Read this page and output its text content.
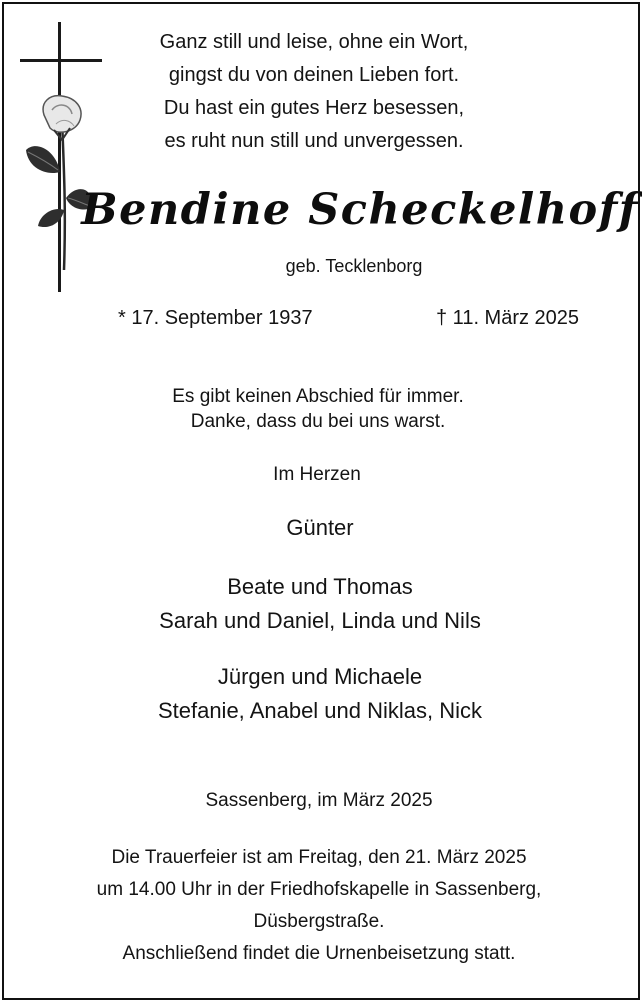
Ganz still und leise, ohne ein Wort,
gingst du von deinen Lieben fort.
Du hast ein gutes Herz besessen,
es ruht nun still und unvergessen.
Bendine Scheckelhoff
geb. Tecklenborg
* 17. September 1937	† 11. März 2025
Es gibt keinen Abschied für immer.
Danke, dass du bei uns warst.
Im Herzen
Günter
Beate und Thomas
Sarah und Daniel, Linda und Nils
Jürgen und Michaele
Stefanie, Anabel und Niklas, Nick
Sassenberg, im März 2025
Die Trauerfeier ist am Freitag, den 21. März 2025
um 14.00 Uhr in der Friedhofskapelle in Sassenberg,
Düsbergstraße.
Anschließend findet die Urnenbeisetzung statt.
